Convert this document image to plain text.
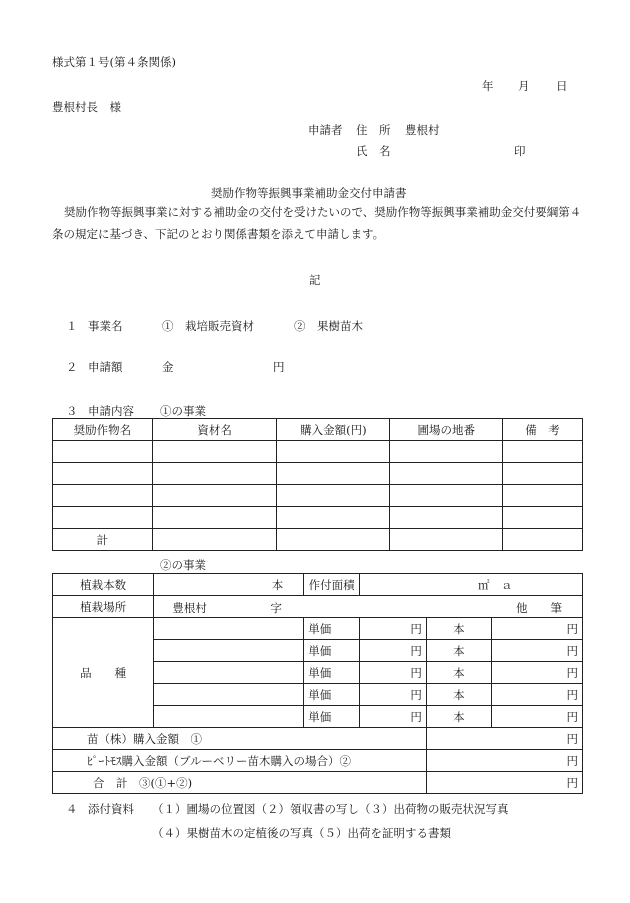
様式第１号(第４条関係)
年 月 日
豊根村長　様
申請者 住　所 豊根村
氏　名	印
奨励作物等振興事業補助金交付申請書
奨励作物等振興事業に対する補助金の交付を受けたいので、奨励作物等振興事業補助金交付要綱第４条の規定に基づき、下記のとおり関係書類を添えて申請します。
記
１ 事業名	①　栽培販売資材	②　果樹苗木
２ 申請額	金	円
３ 申請内容 ①の事業
奨励作物名	資材名	購入金額(円)	圃場の地番	備　考

計				
②の事業
植栽本数	本	作付面積	㎡　ａ		
植栽場所	豊根村 字 他　　筆				

品　　種		単価	円	本	円
		単価	円	本	円
		単価	円	本	円
		単価	円	本	円
		単価	円	本	円
苗（株）購入金額　①				円	
ﾋﾟｰﾄﾓｽ購入金額（ブルーベリー苗木購入の場合）②				円	
合　計　③(①+②)				円	
４ 添付資料 （１）圃場の位置図（２）領収書の写し（３）出荷物の販売状況写真
（４）果樹苗木の定植後の写真（５）出荷を証明する書類
